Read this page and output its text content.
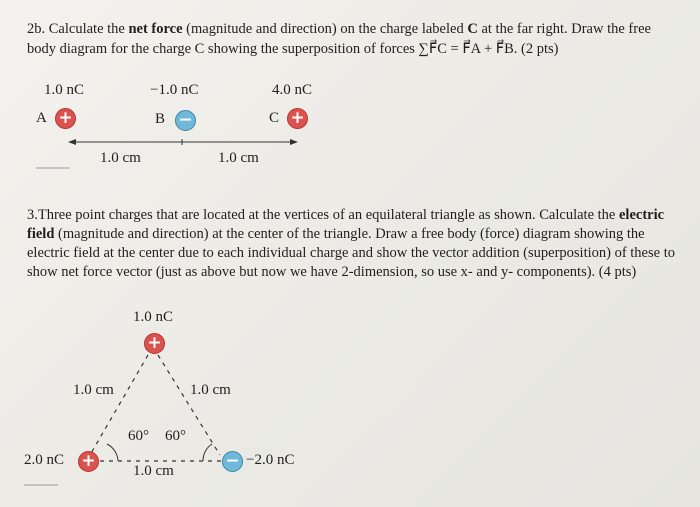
2b. Calculate the net force (magnitude and direction) on the charge labeled C at the far right. Draw the free
body diagram for the charge C showing the superposition of forces ∑F⃗C = F⃗A + F⃗B. (2 pts)
1.0 nC	−1.0 nC	4.0 nC
A +	B −	C +
1.0 cm	1.0 cm
3.Three point charges that are located at the vertices of an equilateral triangle as shown. Calculate the electric
field (magnitude and direction) at the center of the triangle. Draw a free body (force) diagram showing the
electric field at the center due to each individual charge and show the vector addition (superposition) of these to
show net force vector (just as above but now we have 2-dimension, so use x- and y- components). (4 pts)
1.0 nC
+
1.0 cm	1.0 cm
60° 60°
2.0 nC +	− −2.0 nC
1.0 cm
